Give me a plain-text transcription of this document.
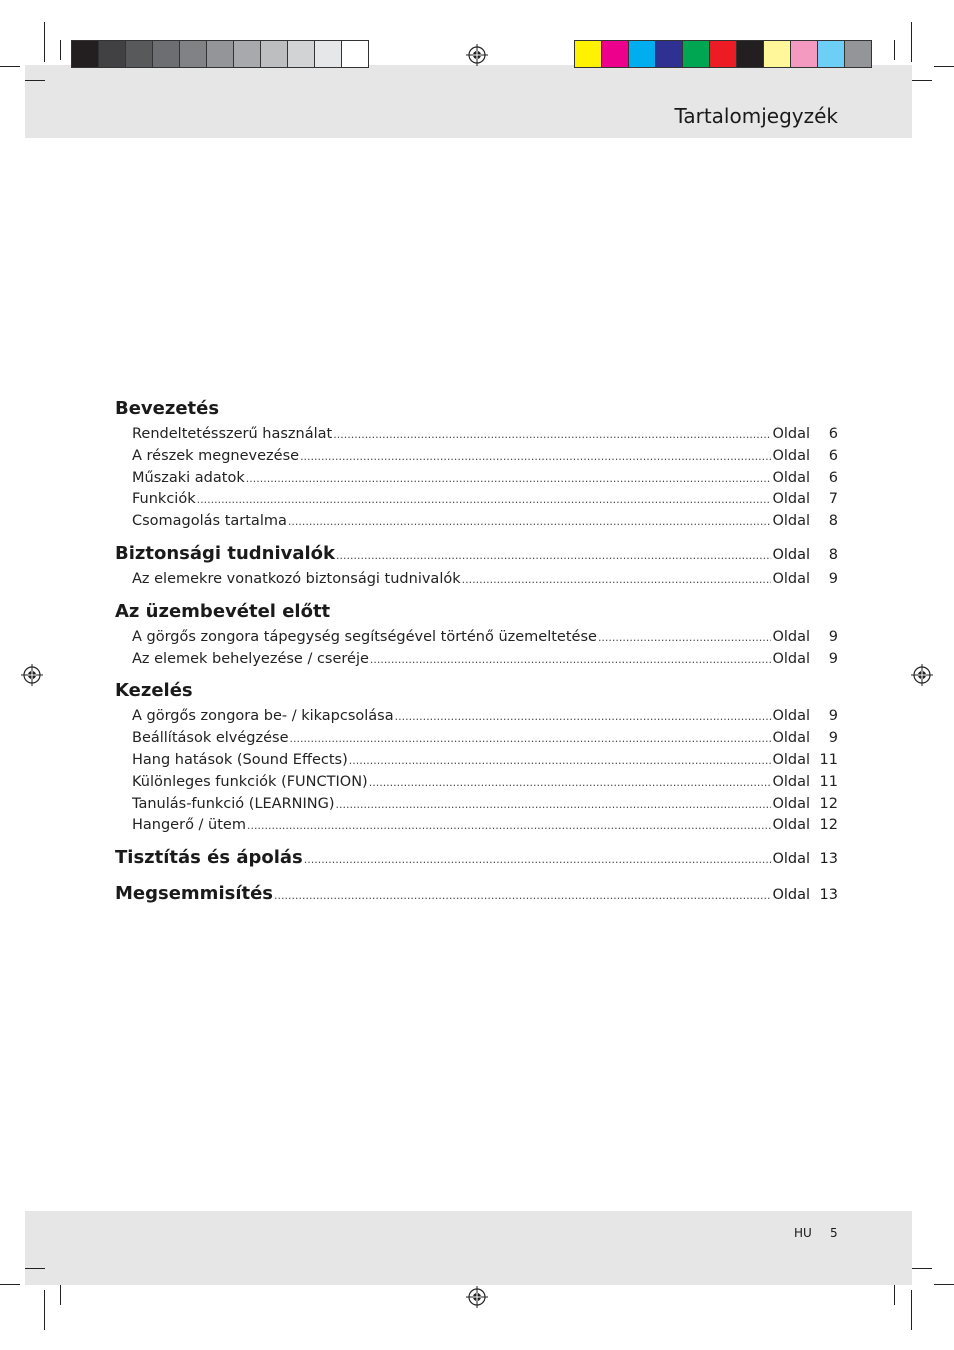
Tartalomjegyzék
Bevezetés
Rendeltetésszerű használat .....	Oldal	6
A részek megnevezése .....	Oldal	6
Műszaki adatok .....	Oldal	6
Funkciók .....	Oldal	7
Csomagolás tartalma .....	Oldal	8
Biztonsági tudnivalók .....	Oldal	8
Az elemekre vonatkozó biztonsági tudnivalók .....	Oldal	9
Az üzembevétel előtt
A görgős zongora tápegység segítségével történő üzemeltetése .....	Oldal	9
Az elemek behelyezése / cseréje .....	Oldal	9
Kezelés
A görgős zongora be- / kikapcsolása .....	Oldal	9
Beállítások elvégzése .....	Oldal	9
Hang hatások (Sound Effects) .....	Oldal 11
Különleges funkciók (FUNCTION) .....	Oldal 11
Tanulás-funkció (LEARNING) .....	Oldal 12
Hangerő / ütem .....	Oldal 12
Tisztítás és ápolás .....	Oldal 13
Megsemmisítés .....	Oldal 13
HU 5
